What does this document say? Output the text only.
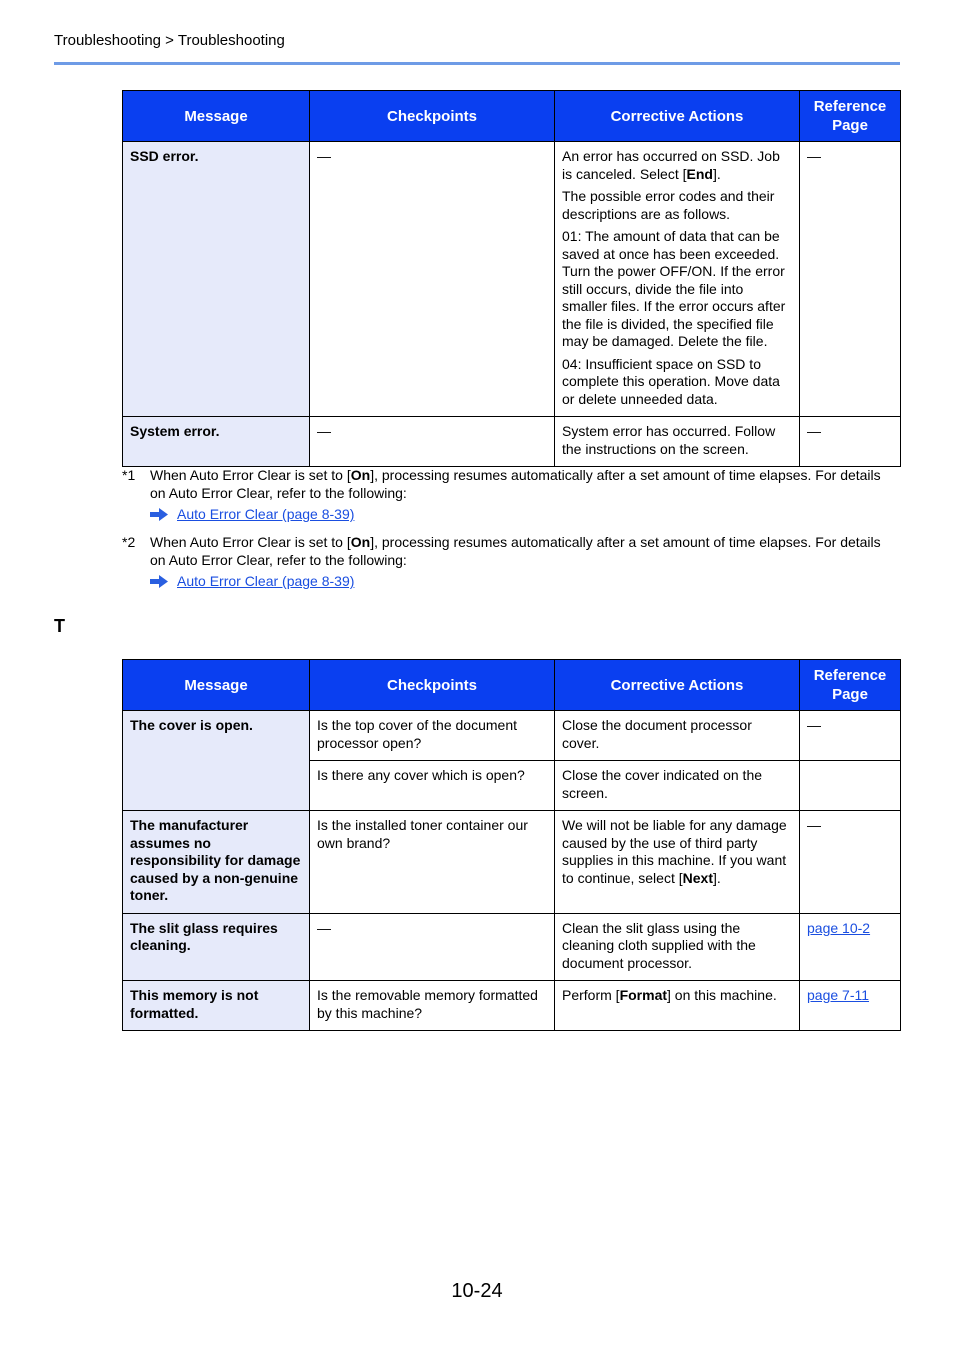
Troubleshooting > Troubleshooting
Message	Checkpoints	Corrective Actions	Reference Page
SSD error.	—	An error has occurred on SSD. Job is canceled. Select [End].

The possible error codes and their descriptions are as follows.

01: The amount of data that can be saved at once has been exceeded. Turn the power OFF/ON. If the error still occurs, divide the file into smaller files. If the error occurs after the file is divided, the specified file may be damaged. Delete the file.

04: Insufficient space on SSD to complete this operation. Move data or delete unneeded data.	—
System error.	—	System error has occurred. Follow the instructions on the screen.	—
*1 When Auto Error Clear is set to [On], processing resumes automatically after a set amount of time elapses. For details on Auto Error Clear, refer to the following:
Auto Error Clear (page 8-39)
*2 When Auto Error Clear is set to [On], processing resumes automatically after a set amount of time elapses. For details on Auto Error Clear, refer to the following:
Auto Error Clear (page 8-39)
T
Message	Checkpoints	Corrective Actions	Reference Page
The cover is open.	Is the top cover of the document processor open?	Close the document processor cover.	—
	Is there any cover which is open?	Close the cover indicated on the screen.	
The manufacturer assumes no responsibility for damage caused by a non-genuine toner.	Is the installed toner container our own brand?	We will not be liable for any damage caused by the use of third party supplies in this machine. If you want to continue, select [Next].	—
The slit glass requires cleaning.	—	Clean the slit glass using the cleaning cloth supplied with the document processor.	page 10-2
This memory is not formatted.	Is the removable memory formatted by this machine?	Perform [Format] on this machine.	page 7-11
10-24
